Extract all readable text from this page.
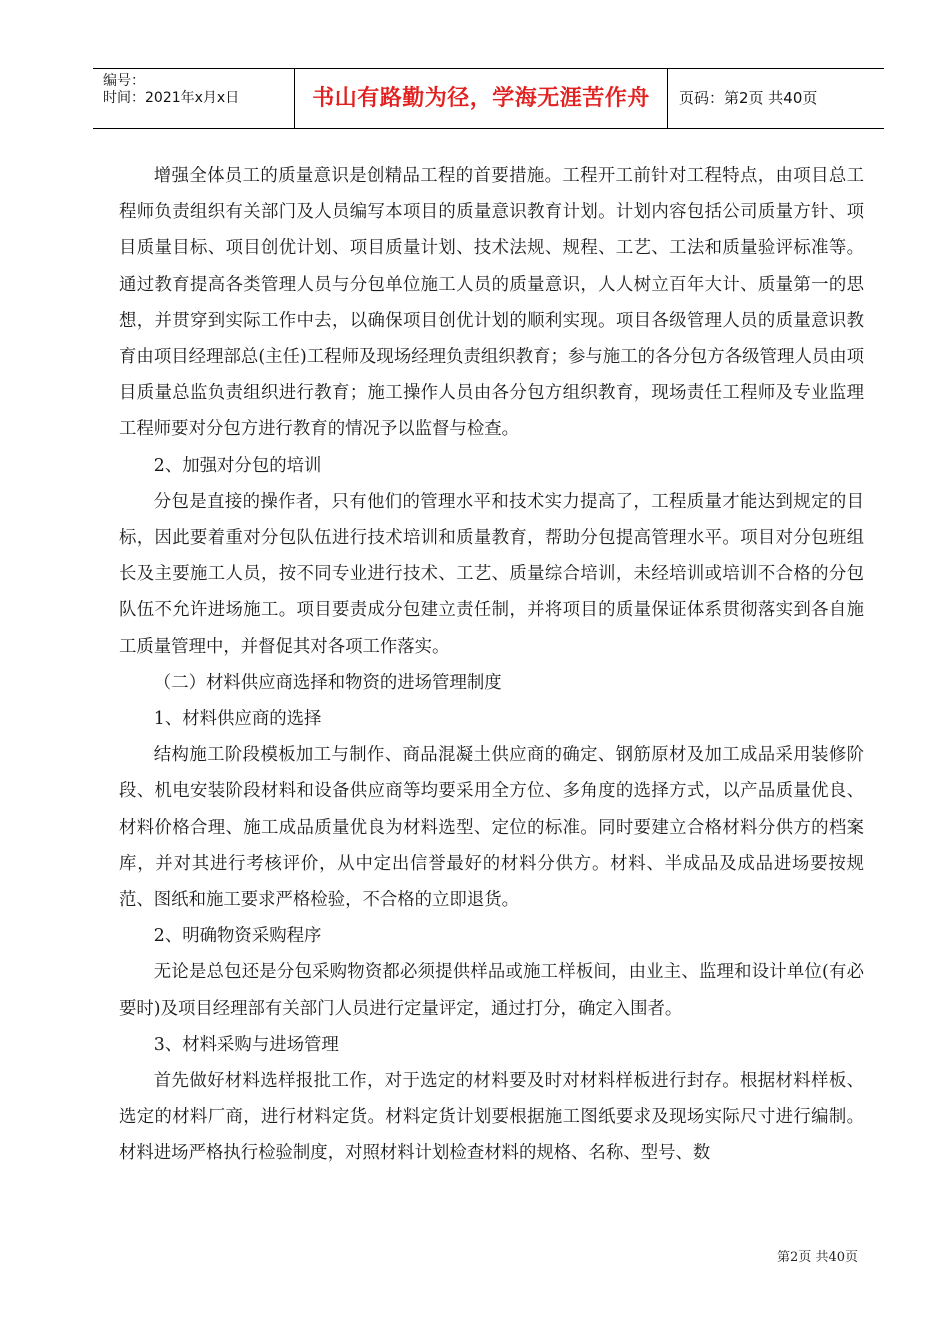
编号：
时间：2021年x月x日	书山有路勤为径，学海无涯苦作舟	页码：第2页 共40页

增强全体员工的质量意识是创精品工程的首要措施。工程开工前针对工程特点，由项目总工程师负责组织有关部门及人员编写本项目的质量意识教育计划。计划内容包括公司质量方针、项目质量目标、项目创优计划、项目质量计划、技术法规、规程、工艺、工法和质量验评标准等。通过教育提高各类管理人员与分包单位施工人员的质量意识，人人树立百年大计、质量第一的思想，并贯穿到实际工作中去，以确保项目创优计划的顺利实现。项目各级管理人员的质量意识教育由项目经理部总(主任)工程师及现场经理负责组织教育；参与施工的各分包方各级管理人员由项目质量总监负责组织进行教育；施工操作人员由各分包方组织教育，现场责任工程师及专业监理工程师要对分包方进行教育的情况予以监督与检查。

2、加强对分包的培训

分包是直接的操作者，只有他们的管理水平和技术实力提高了，工程质量才能达到规定的目标，因此要着重对分包队伍进行技术培训和质量教育，帮助分包提高管理水平。项目对分包班组长及主要施工人员，按不同专业进行技术、工艺、质量综合培训，未经培训或培训不合格的分包队伍不允许进场施工。项目要责成分包建立责任制，并将项目的质量保证体系贯彻落实到各自施工质量管理中，并督促其对各项工作落实。

（二）材料供应商选择和物资的进场管理制度

1、材料供应商的选择

结构施工阶段模板加工与制作、商品混凝土供应商的确定、钢筋原材及加工成品采用装修阶段、机电安装阶段材料和设备供应商等均要采用全方位、多角度的选择方式，以产品质量优良、材料价格合理、施工成品质量优良为材料选型、定位的标准。同时要建立合格材料分供方的档案库，并对其进行考核评价，从中定出信誉最好的材料分供方。材料、半成品及成品进场要按规范、图纸和施工要求严格检验，不合格的立即退货。

2、明确物资采购程序

无论是总包还是分包采购物资都必须提供样品或施工样板间，由业主、监理和设计单位(有必要时)及项目经理部有关部门人员进行定量评定，通过打分，确定入围者。

3、材料采购与进场管理

首先做好材料选样报批工作，对于选定的材料要及时对材料样板进行封存。根据材料样板、选定的材料厂商，进行材料定货。材料定货计划要根据施工图纸要求及现场实际尺寸进行编制。材料进场严格执行检验制度，对照材料计划检查材料的规格、名称、型号、数

第2页 共40页
